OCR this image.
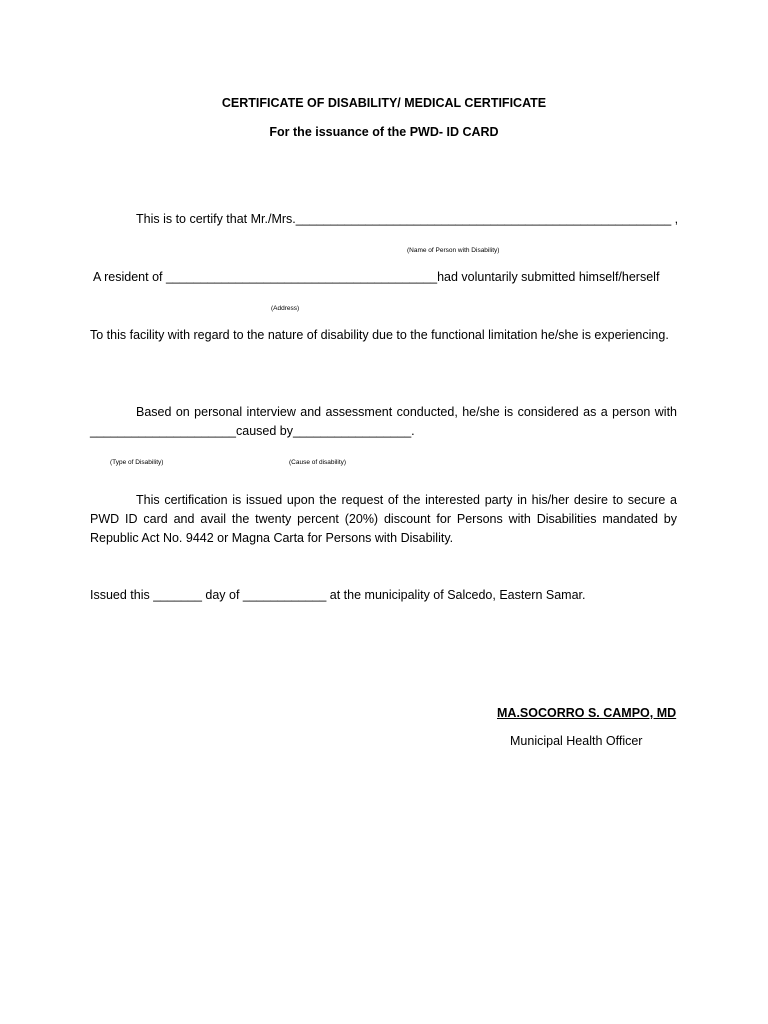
CERTIFICATE OF DISABILITY/ MEDICAL CERTIFICATE
For the issuance of the PWD- ID CARD
This is to certify that Mr./Mrs.______________________________________________________ ,
(Name of Person with Disability)
A resident of _______________________________________had voluntarily submitted himself/herself
(Address)
To this facility with regard to the nature of disability due to the functional limitation he/she is experiencing.
Based on personal interview and assessment conducted, he/she is considered as a person with _____________________caused by_________________.
(Type of Disability)	(Cause of disability)
This certification is issued upon the request of the interested party in his/her desire to secure a PWD ID card and avail the twenty percent (20%) discount for Persons with Disabilities mandated by Republic Act No. 9442 or Magna Carta for Persons with Disability.
Issued this _______ day of ____________ at the municipality of Salcedo, Eastern Samar.
MA.SOCORRO S. CAMPO, MD
Municipal Health Officer
